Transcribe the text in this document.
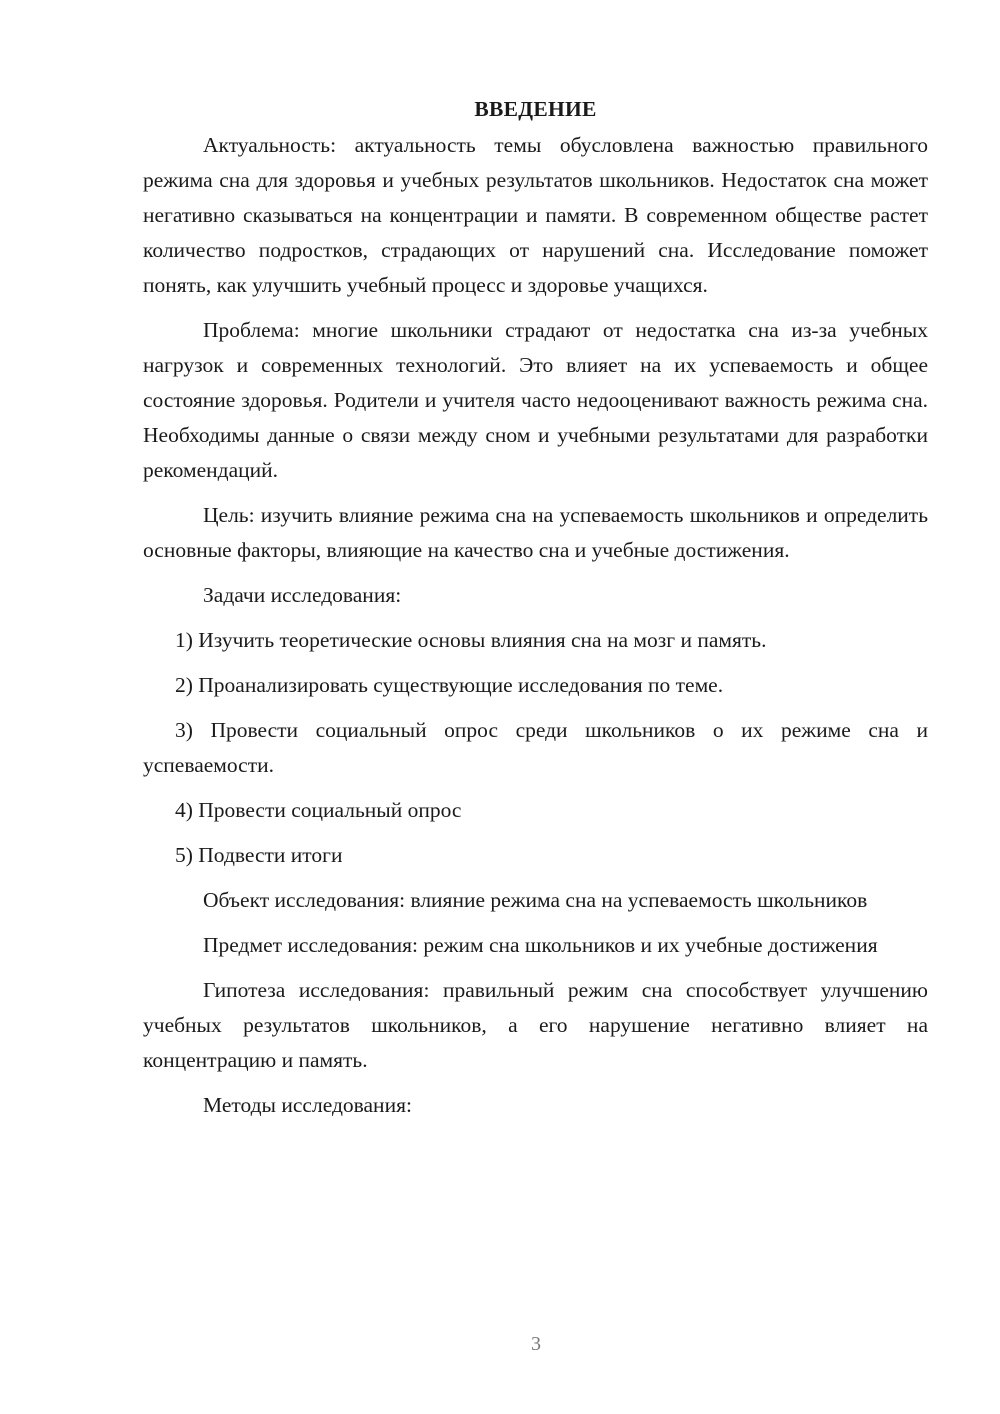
ВВЕДЕНИЕ

Актуальность: актуальность темы обусловлена важностью правильного режима сна для здоровья и учебных результатов школьников. Недостаток сна может негативно сказываться на концентрации и памяти. В современном обществе растет количество подростков, страдающих от нарушений сна. Исследование поможет понять, как улучшить учебный процесс и здоровье учащихся.

Проблема: многие школьники страдают от недостатка сна из-за учебных нагрузок и современных технологий. Это влияет на их успеваемость и общее состояние здоровья. Родители и учителя часто недооценивают важность режима сна. Необходимы данные о связи между сном и учебными результатами для разработки рекомендаций.

Цель: изучить влияние режима сна на успеваемость школьников и определить основные факторы, влияющие на качество сна и учебные достижения.

Задачи исследования:

1) Изучить теоретические основы влияния сна на мозг и память.

2) Проанализировать существующие исследования по теме.

3) Провести социальный опрос среди школьников о их режиме сна и успеваемости.

4) Провести социальный опрос

5) Подвести итоги

Объект исследования: влияние режима сна на успеваемость школьников

Предмет исследования: режим сна школьников и их учебные достижения

Гипотеза исследования: правильный режим сна способствует улучшению учебных результатов школьников, а его нарушение негативно влияет на концентрацию и память.

Методы исследования:

3
